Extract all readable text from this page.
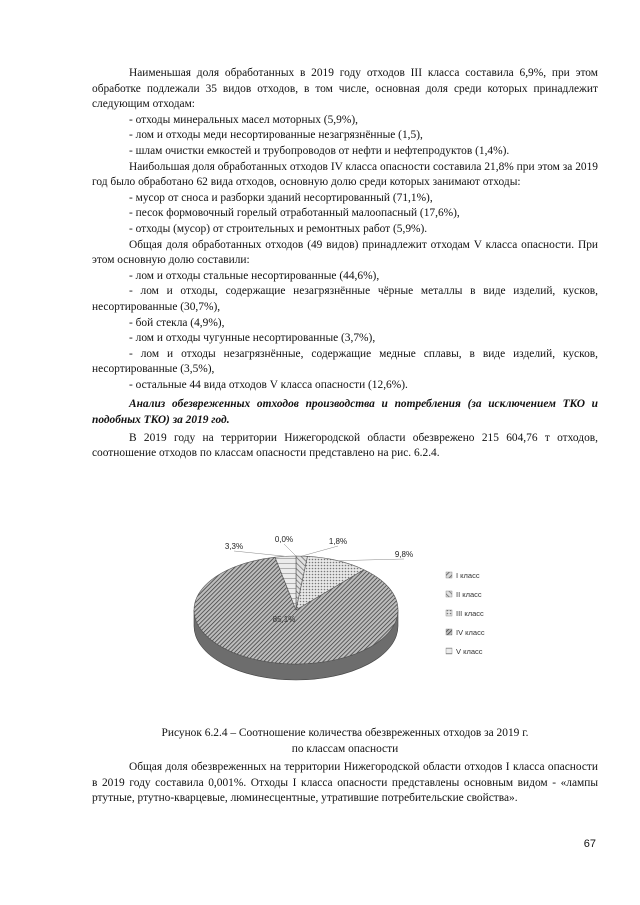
Наименьшая доля обработанных в 2019 году отходов III класса составила 6,9%, при этом обработке подлежали 35 видов отходов, в том числе, основная доля среди которых принадлежит следующим отходам:

- отходы минеральных масел моторных (5,9%),
- лом и отходы меди несортированные незагрязнённые (1,5),
- шлам очистки емкостей и трубопроводов от нефти и нефтепродуктов (1,4%).

Наибольшая доля обработанных отходов IV класса опасности составила 21,8% при этом за 2019 год было обработано 62 вида отходов, основную долю среди которых занимают отходы:

- мусор от сноса и разборки зданий несортированный (71,1%),
- песок формовочный горелый отработанный малоопасный (17,6%),
- отходы (мусор) от строительных и ремонтных работ (5,9%).

Общая доля обработанных отходов (49 видов) принадлежит отходам V класса опасности. При этом основную долю составили:

- лом и отходы стальные несортированные (44,6%),
- лом и отходы, содержащие незагрязнённые чёрные металлы в виде изделий, кусков, несортированные (30,7%),
- бой стекла (4,9%),
- лом и отходы чугунные несортированные (3,7%),
- лом и отходы незагрязнённые, содержащие медные сплавы, в виде изделий, кусков, несортированные (3,5%),
- остальные 44 вида отходов V класса опасности (12,6%).

Анализ обезвреженных отходов производства и потребления (за исключением ТКО и подобных ТКО) за 2019 год.

В 2019 году на территории Нижегородской области обезврежено 215 604,76 т отходов, соотношение отходов по классам опасности представлено на рис. 6.2.4.

0,0%	1,8%
9,8%
85,1%
3,3%
I класс
II класс
III класс
IV класс
V класс
Рисунок 6.2.4 – Соотношение количества обезвреженных отходов за 2019 г.
по классам опасности

Общая доля обезвреженных на территории Нижегородской области отходов I класса опасности в 2019 году составила 0,001%. Отходы I класса опасности представлены основным видом - «лампы ртутные, ртутно-кварцевые, люминесцентные, утратившие потребительские свойства».

67
